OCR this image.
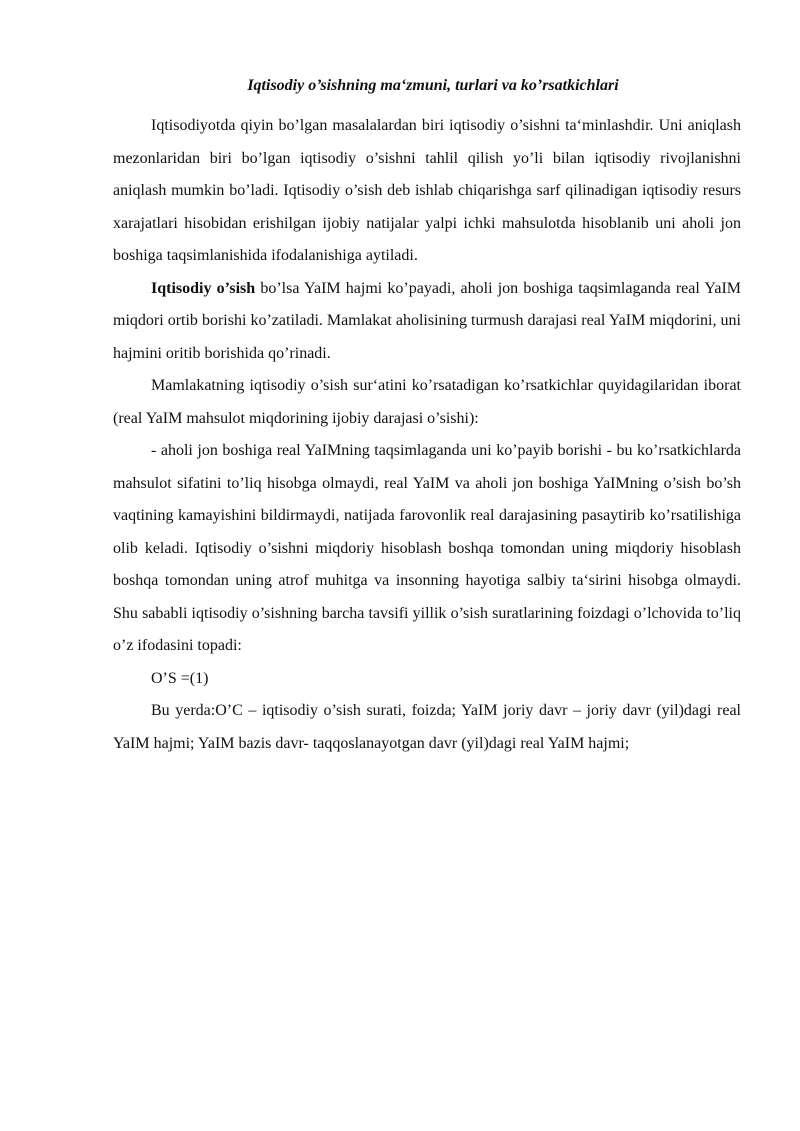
Iqtisodiy o’sishning ma‘zmuni, turlari va ko’rsatkichlari

Iqtisodiyotda qiyin bo’lgan masalalardan biri iqtisodiy o’sishni ta‘minlashdir. Uni aniqlash mezonlaridan biri bo’lgan iqtisodiy o’sishni tahlil qilish yo’li bilan iqtisodiy rivojlanishni aniqlash mumkin bo’ladi. Iqtisodiy o’sish deb ishlab chiqarishga sarf qilinadigan iqtisodiy resurs xarajatlari hisobidan erishilgan ijobiy natijalar yalpi ichki mahsulotda hisoblanib uni aholi jon boshiga taqsimlanishida ifodalanishiga aytiladi.

Iqtisodiy o’sish bo’lsa YaIM hajmi ko’payadi, aholi jon boshiga taqsimlaganda real YaIM miqdori ortib borishi ko’zatiladi. Mamlakat aholisining turmush darajasi real YaIM miqdorini, uni hajmini oritib borishida qo’rinadi.

Mamlakatning iqtisodiy o’sish sur‘atini ko’rsatadigan ko’rsatkichlar quyidagilaridan iborat (real YaIM mahsulot miqdorining ijobiy darajasi o’sishi):

- aholi jon boshiga real YaIMning taqsimlaganda uni ko’payib borishi - bu ko’rsatkichlarda mahsulot sifatini to’liq hisobga olmaydi, real YaIM va aholi jon boshiga YaIMning o’sish bo’sh vaqtining kamayishini bildirmaydi, natijada farovonlik real darajasining pasaytirib ko’rsatilishiga olib keladi. Iqtisodiy o’sishni miqdoriy hisoblash boshqa tomondan uning miqdoriy hisoblash boshqa tomondan uning atrof muhitga va insonning hayotiga salbiy ta‘sirini hisobga olmaydi. Shu sababli iqtisodiy o’sishning barcha tavsifi yillik o’sish suratlarining foizdagi o’lchovida to’liq o’z ifodasini topadi:

O’S =(1)

Bu yerda:O’C – iqtisodiy o’sish surati, foizda; YaIM joriy davr – joriy davr (yil)dagi real YaIM hajmi; YaIM bazis davr- taqqoslanayotgan davr (yil)dagi real YaIM hajmi;
